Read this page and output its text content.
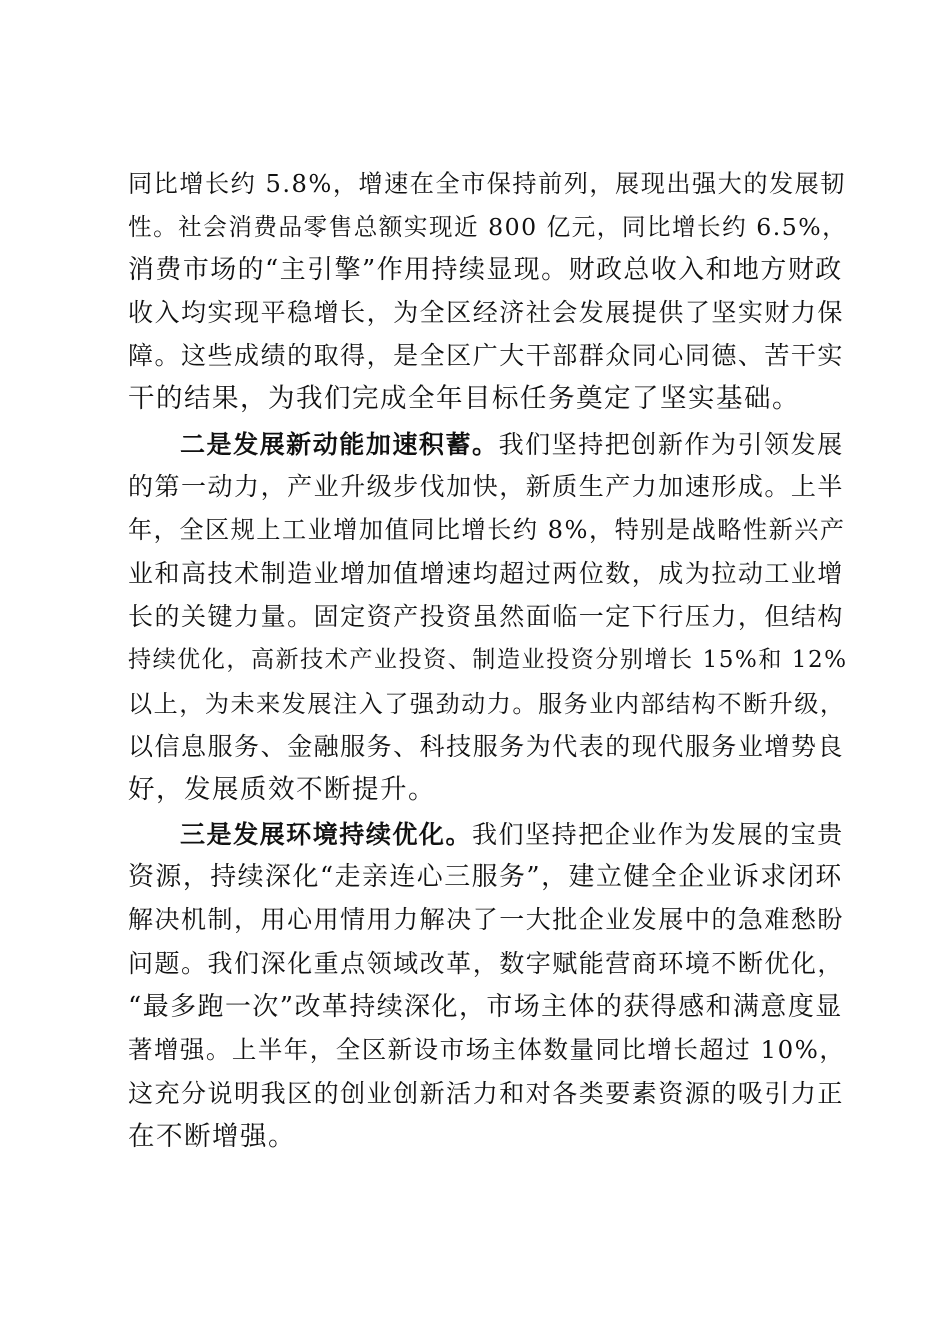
同比增长约 5.8%，增速在全市保持前列，展现出强大的发展韧
性。社会消费品零售总额实现近 800 亿元，同比增长约 6.5%，
消费市场的“主引擎”作用持续显现。财政总收入和地方财政
收入均实现平稳增长，为全区经济社会发展提供了坚实财力保
障。这些成绩的取得，是全区广大干部群众同心同德、苦干实
干的结果，为我们完成全年目标任务奠定了坚实基础。
二是发展新动能加速积蓄。我们坚持把创新作为引领发展
的第一动力，产业升级步伐加快，新质生产力加速形成。上半
年，全区规上工业增加值同比增长约 8%，特别是战略性新兴产
业和高技术制造业增加值增速均超过两位数，成为拉动工业增
长的关键力量。固定资产投资虽然面临一定下行压力，但结构
持续优化，高新技术产业投资、制造业投资分别增长 15%和 12%
以上，为未来发展注入了强劲动力。服务业内部结构不断升级，
以信息服务、金融服务、科技服务为代表的现代服务业增势良
好，发展质效不断提升。
三是发展环境持续优化。我们坚持把企业作为发展的宝贵
资源，持续深化“走亲连心三服务”，建立健全企业诉求闭环
解决机制，用心用情用力解决了一大批企业发展中的急难愁盼
问题。我们深化重点领域改革，数字赋能营商环境不断优化，
“最多跑一次”改革持续深化，市场主体的获得感和满意度显
著增强。上半年，全区新设市场主体数量同比增长超过 10%，
这充分说明我区的创业创新活力和对各类要素资源的吸引力正
在不断增强。
